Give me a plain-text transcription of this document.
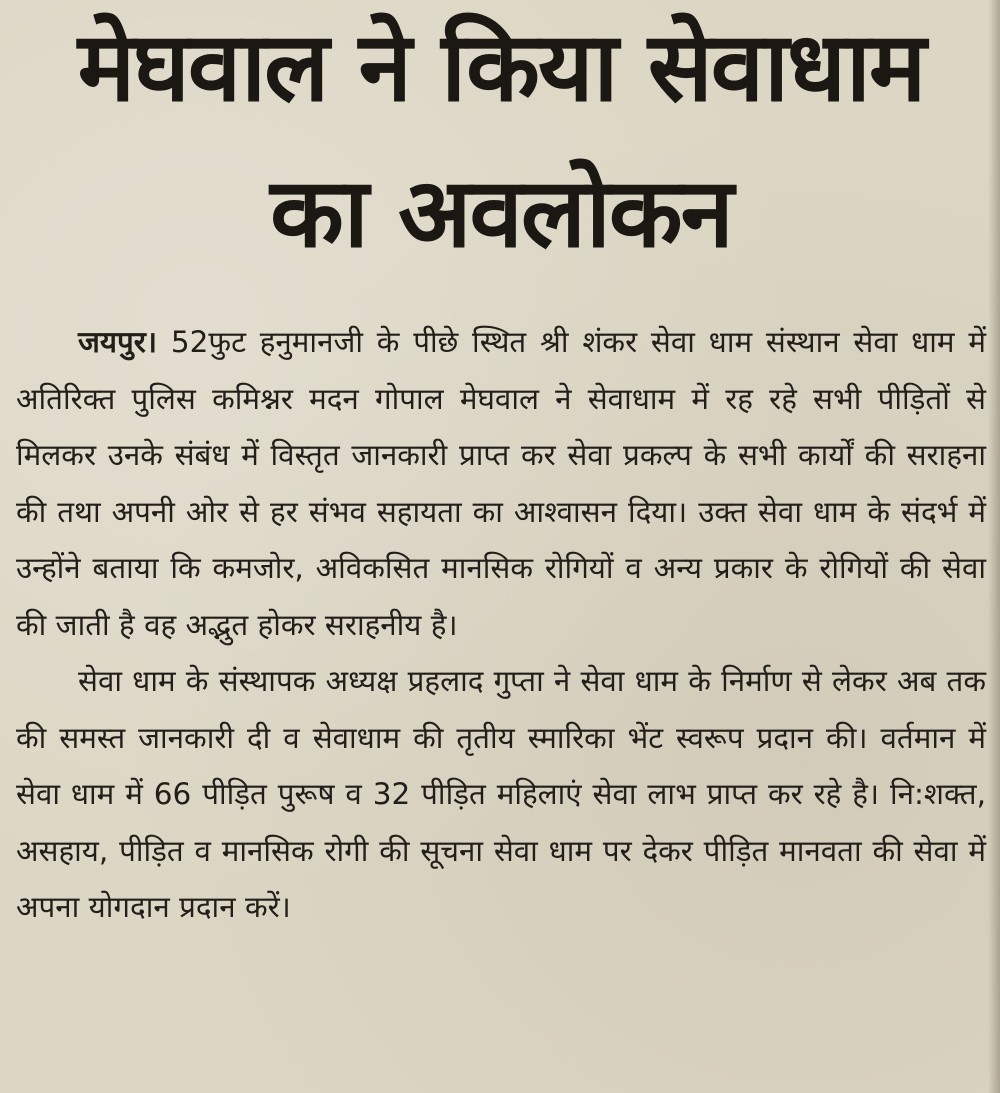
मेघवाल ने किया सेवाधाम
का अवलोकन

जयपुर। 52फुट हनुमानजी के पीछे स्थित श्री शंकर सेवा धाम संस्थान सेवा धाम में अतिरिक्त पुलिस कमिश्नर मदन गोपाल मेघवाल ने सेवाधाम में रह रहे सभी पीड़ितों से मिलकर उनके संबंध में विस्तृत जानकारी प्राप्त कर सेवा प्रकल्प के सभी कार्यों की सराहना की तथा अपनी ओर से हर संभव सहायता का आश्वासन दिया। उक्त सेवा धाम के संदर्भ में उन्होंने बताया कि कमजोर, अविकसित मानसिक रोगियों व अन्य प्रकार के रोगियों की सेवा की जाती है वह अद्भुत होकर सराहनीय है।

सेवा धाम के संस्थापक अध्यक्ष प्रहलाद गुप्ता ने सेवा धाम के निर्माण से लेकर अब तक की समस्त जानकारी दी व सेवाधाम की तृतीय स्मारिका भेंट स्वरूप प्रदान की। वर्तमान में सेवा धाम में 66 पीड़ित पुरूष व 32 पीड़ित महिलाएं सेवा लाभ प्राप्त कर रहे है। नि:शक्त, असहाय, पीड़ित व मानसिक रोगी की सूचना सेवा धाम पर देकर पीड़ित मानवता की सेवा में अपना योगदान प्रदान करें।
